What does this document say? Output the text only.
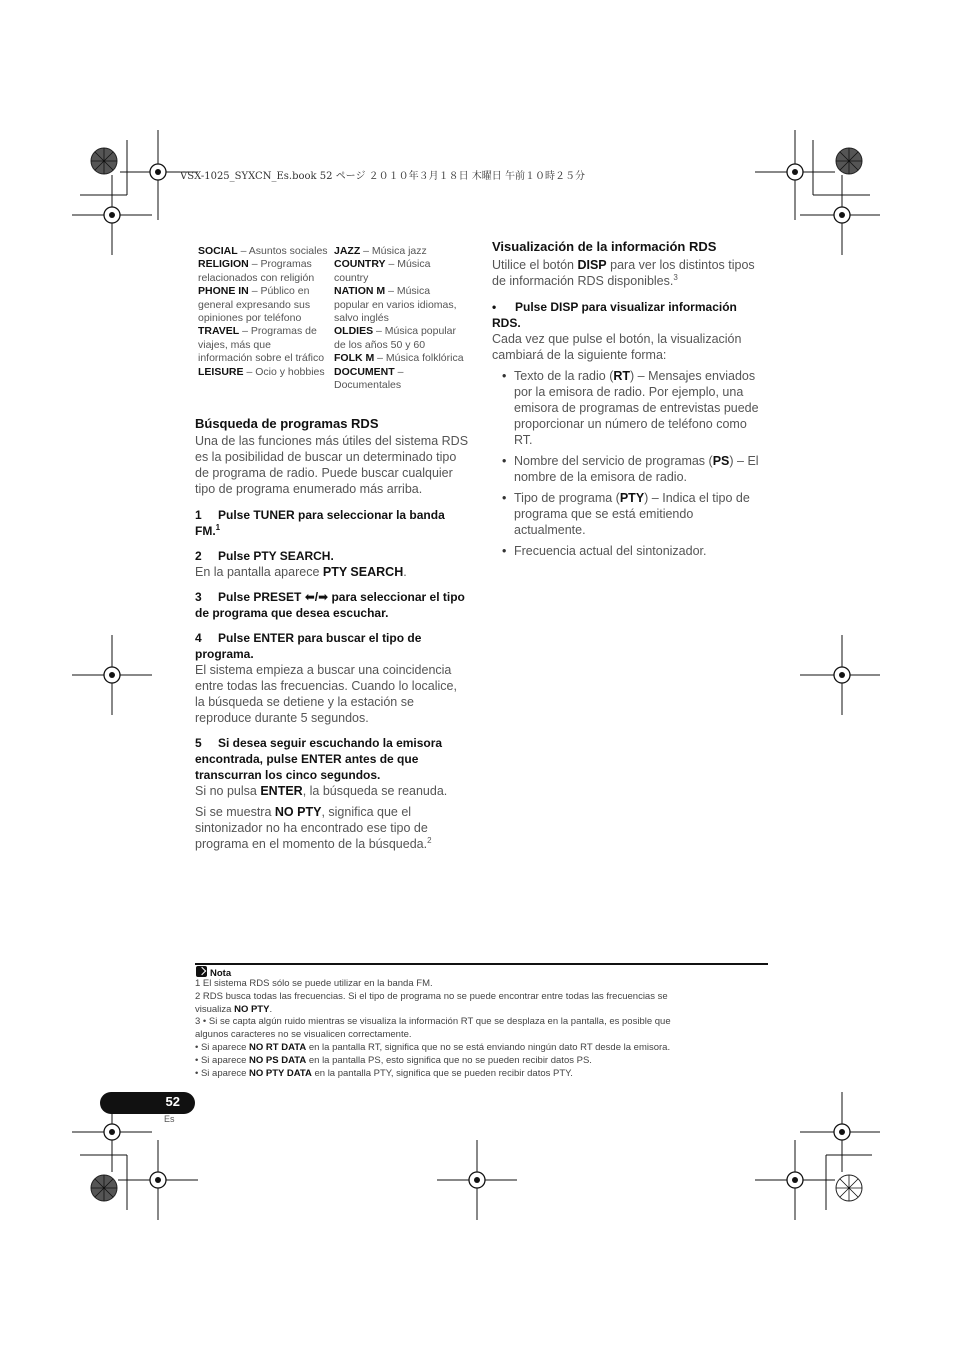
VSX-1025_SYXCN_Es.book 52 ページ ２０１０年３月１８日 木曜日 午前１０時２５分

SOCIAL – Asuntos sociales

RELIGION – Programas relacionados con religión

PHONE IN – Público en general expresando sus opiniones por teléfono

TRAVEL – Programas de viajes, más que información sobre el tráfico

LEISURE – Ocio y hobbies

JAZZ – Música jazz

COUNTRY – Música country

NATION M – Música popular en varios idiomas, salvo inglés

OLDIES – Música popular de los años 50 y 60

FOLK M – Música folklórica

DOCUMENT – Documentales

Búsqueda de programas RDS

Una de las funciones más útiles del sistema RDS es la posibilidad de buscar un determinado tipo de programa de radio. Puede buscar cualquier tipo de programa enumerado más arriba.

1 Pulse TUNER para seleccionar la banda FM.$^1$

2 Pulse PTY SEARCH.

En la pantalla aparece PTY SEARCH.

3 Pulse PRESET ⬅/➡ para seleccionar el tipo de programa que desea escuchar.

4 Pulse ENTER para buscar el tipo de programa.

El sistema empieza a buscar una coincidencia entre todas las frecuencias. Cuando lo localice, la búsqueda se detiene y la estación se reproduce durante 5 segundos.

5 Si desea seguir escuchando la emisora encontrada, pulse ENTER antes de que transcurran los cinco segundos.

Si no pulsa ENTER, la búsqueda se reanuda.

Si se muestra NO PTY, significa que el sintonizador no ha encontrado ese tipo de programa en el momento de la búsqueda.$^2$

Visualización de la información RDS

Utilice el botón DISP para ver los distintos tipos de información RDS disponibles.$^3$

• Pulse DISP para visualizar información RDS.

Cada vez que pulse el botón, la visualización cambiará de la siguiente forma:

• Texto de la radio (RT) – Mensajes enviados por la emisora de radio. Por ejemplo, una emisora de programas de entrevistas puede proporcionar un número de teléfono como RT.
• Nombre del servicio de programas (PS) – El nombre de la emisora de radio.
• Tipo de programa (PTY) – Indica el tipo de programa que se está emitiendo actualmente.
• Frecuencia actual del sintonizador.
Nota

1 El sistema RDS sólo se puede utilizar en la banda FM.

2 RDS busca todas las frecuencias. Si el tipo de programa no se puede encontrar entre todas las frecuencias se

visualiza NO PTY.

3 • Si se capta algún ruido mientras se visualiza la información RT que se desplaza en la pantalla, es posible que

algunos caracteres no se visualicen correctamente.

• Si aparece NO RT DATA en la pantalla RT, significa que no se está enviando ningún dato RT desde la emisora.

• Si aparece NO PS DATA en la pantalla PS, esto significa que no se pueden recibir datos PS.

• Si aparece NO PTY DATA en la pantalla PTY, significa que se pueden recibir datos PTY.

52
Es
